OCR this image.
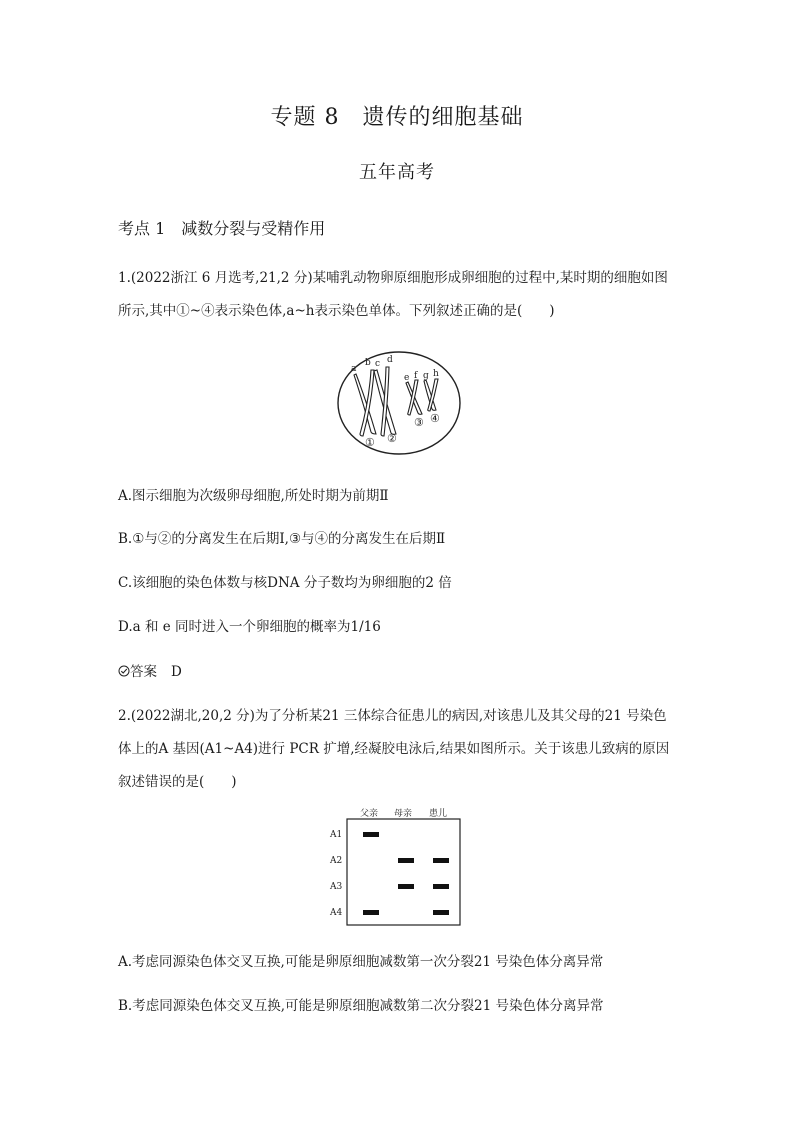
专题 8　遗传的细胞基础
五年高考
考点 1　减数分裂与受精作用

1.(2022浙江 6 月选考,21,2 分)某哺乳动物卵原细胞形成卵细胞的过程中,某时期的细胞如图所示,其中①~④表示染色体,a~h表示染色单体。下列叙述正确的是(　　)

a
b c d
e f g h
① ②
③ ④
A.图示细胞为次级卵母细胞,所处时期为前期Ⅱ
B.①与②的分离发生在后期Ⅰ,③与④的分离发生在后期Ⅱ
C.该细胞的染色体数与核DNA 分子数均为卵细胞的2 倍
D.a 和 e 同时进入一个卵细胞的概率为1/16
答案 D

2.(2022湖北,20,2 分)为了分析某21 三体综合征患儿的病因,对该患儿及其父母的21 号染色体上的A 基因(A1~A4)进行 PCR 扩增,经凝胶电泳后,结果如图所示。关于该患儿致病的原因叙述错误的是(　　)

父亲 母亲 患儿
A1
A2
A3
A4
A.考虑同源染色体交叉互换,可能是卵原细胞减数第一次分裂21 号染色体分离异常
B.考虑同源染色体交叉互换,可能是卵原细胞减数第二次分裂21 号染色体分离异常
